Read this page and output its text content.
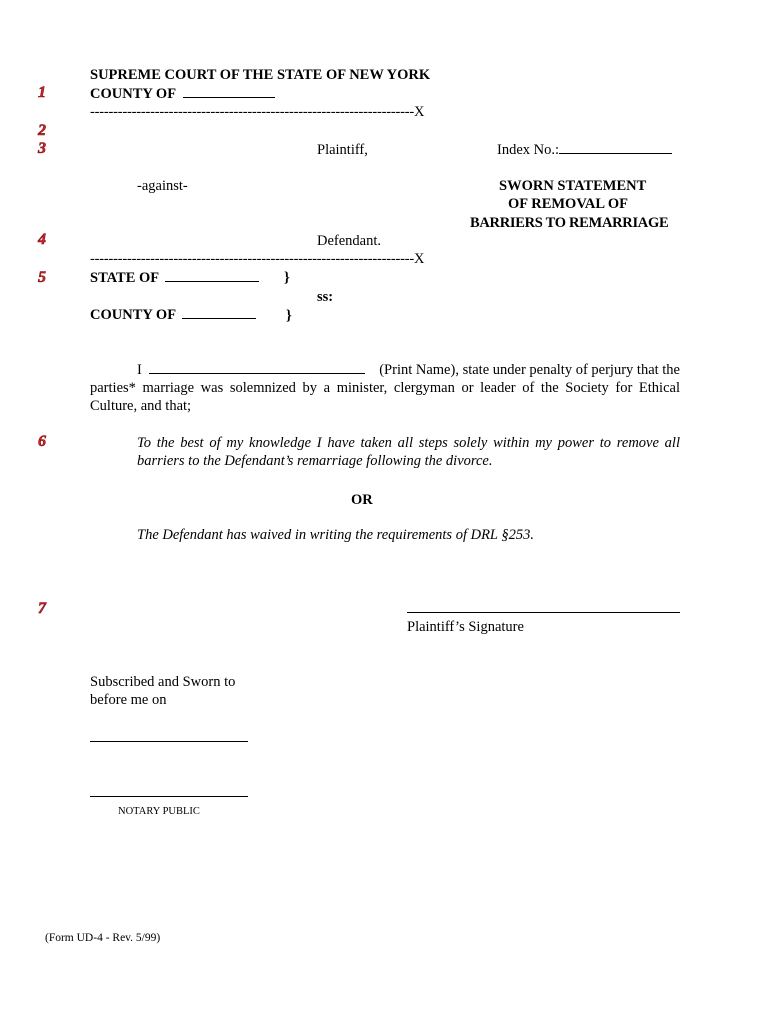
1
2
3
4
5
6
7
SUPREME COURT OF THE STATE OF NEW YORK
COUNTY OF
----------------------------------------------------------------------X
Plaintiff,	Index No.:
-against-	SWORN STATEMENT
OF REMOVAL OF
BARRIERS TO REMARRIAGE
Defendant.
----------------------------------------------------------------------X
STATE OF	}
ss:
COUNTY OF	}
I	(Print Name), state under penalty of perjury that the
parties* marriage was solemnized by a minister, clergyman or leader of the Society for Ethical Culture, and that;
To the best of my knowledge I have taken all steps solely within my power to remove all barriers to the Defendant’s remarriage following the divorce.
OR
The Defendant has waived in writing the requirements of DRL §253.
Plaintiff’s Signature
Subscribed and Sworn to
before me on
NOTARY PUBLIC
(Form UD-4 - Rev. 5/99)
